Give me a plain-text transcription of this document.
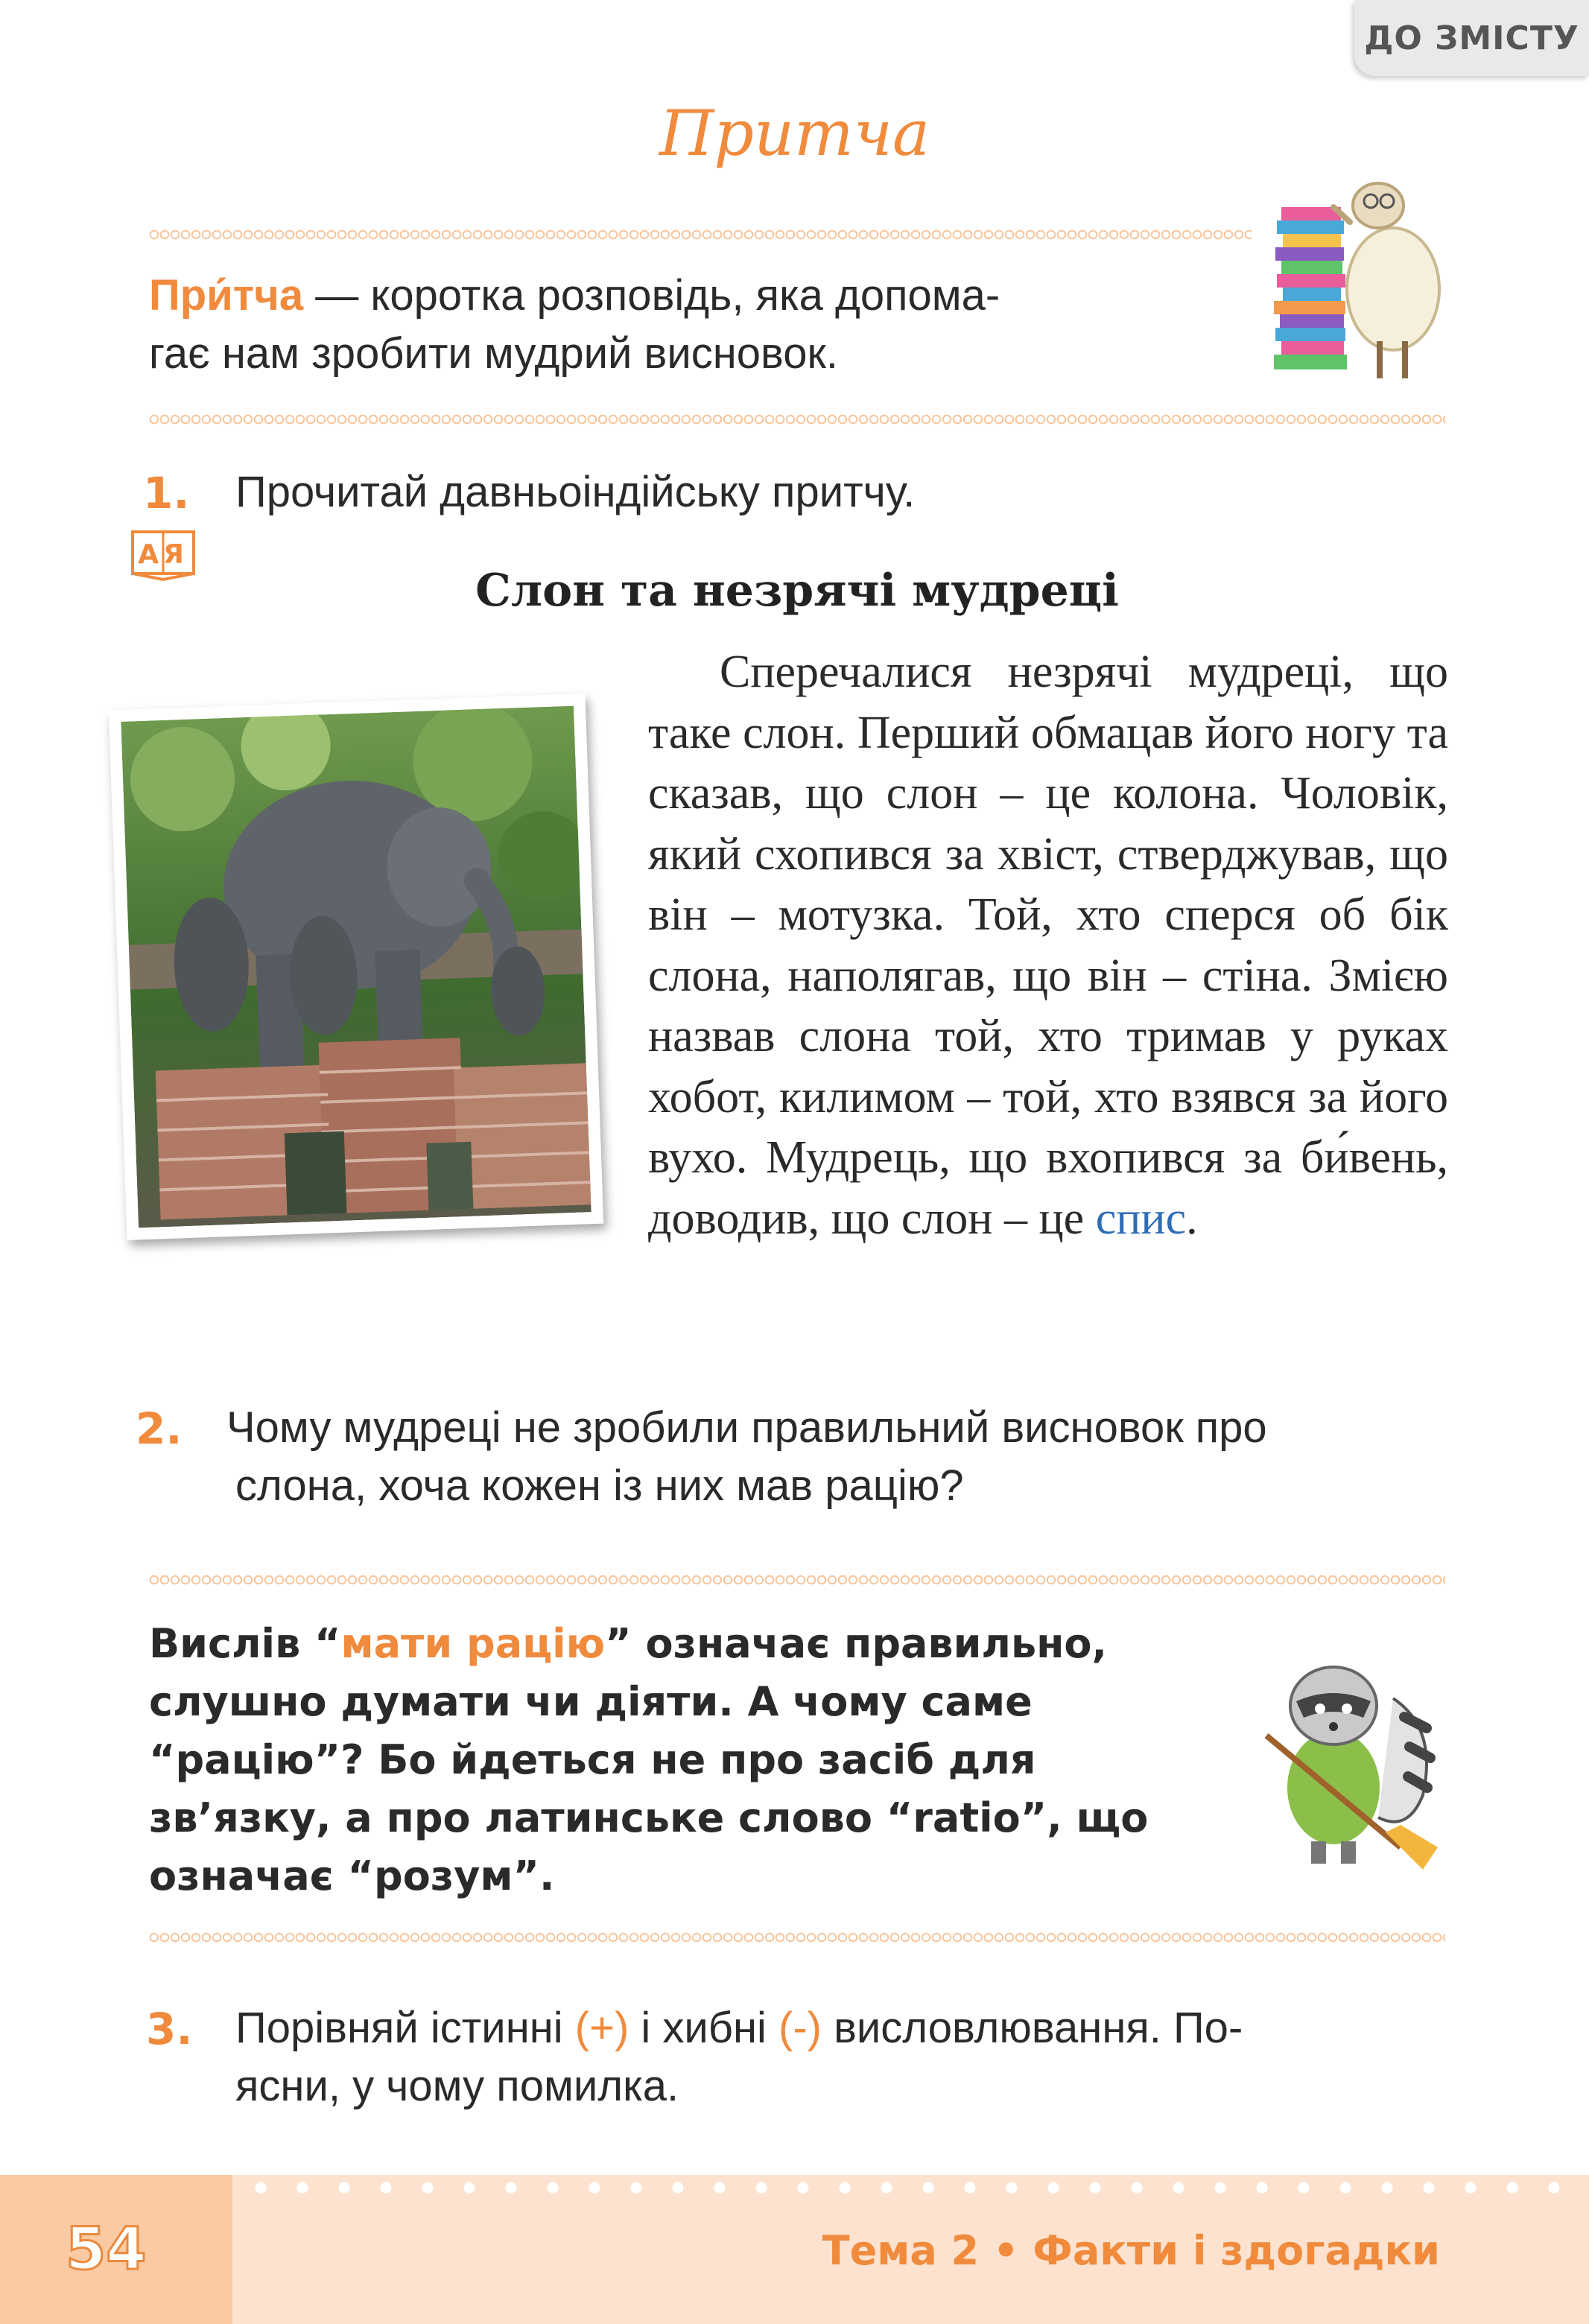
ДО ЗМІСТУ
Притча
При́тча — коротка розповідь, яка допома-
гає нам зробити мудрий висновок.
1. Прочитай давньоіндійську притчу.
АЯ
Слон та незрячі мудреці
Сперечалися незрячі мудреці, що таке слон. Перший обмацав його ногу та сказав, що слон – це колона. Чоловік, який схопився за хвіст, стверджував, що він – мотузка. Той, хто сперся об бік слона, наполягав, що він – стіна. Змією назвав слона той, хто тримав у руках хобот, килимом – той, хто взявся за його вухо. Мудрець, що вхопився за би́вень, доводив, що слон – це спис.
2. Чому мудреці не зробили правильний висновок про
слона, хоча кожен із них мав рацію?
Вислів “мати рацію” означає правильно, слушно думати чи діяти. А чому саме “рацію”? Бо йдеться не про засіб для зв’язку, а про латинське слово “ratio”, що означає “розум”.
3. Порівняй істинні (+) і хибні (-) висловлювання. По-
ясни, у чому помилка.
54	Тема 2 • Факти і здогадки
